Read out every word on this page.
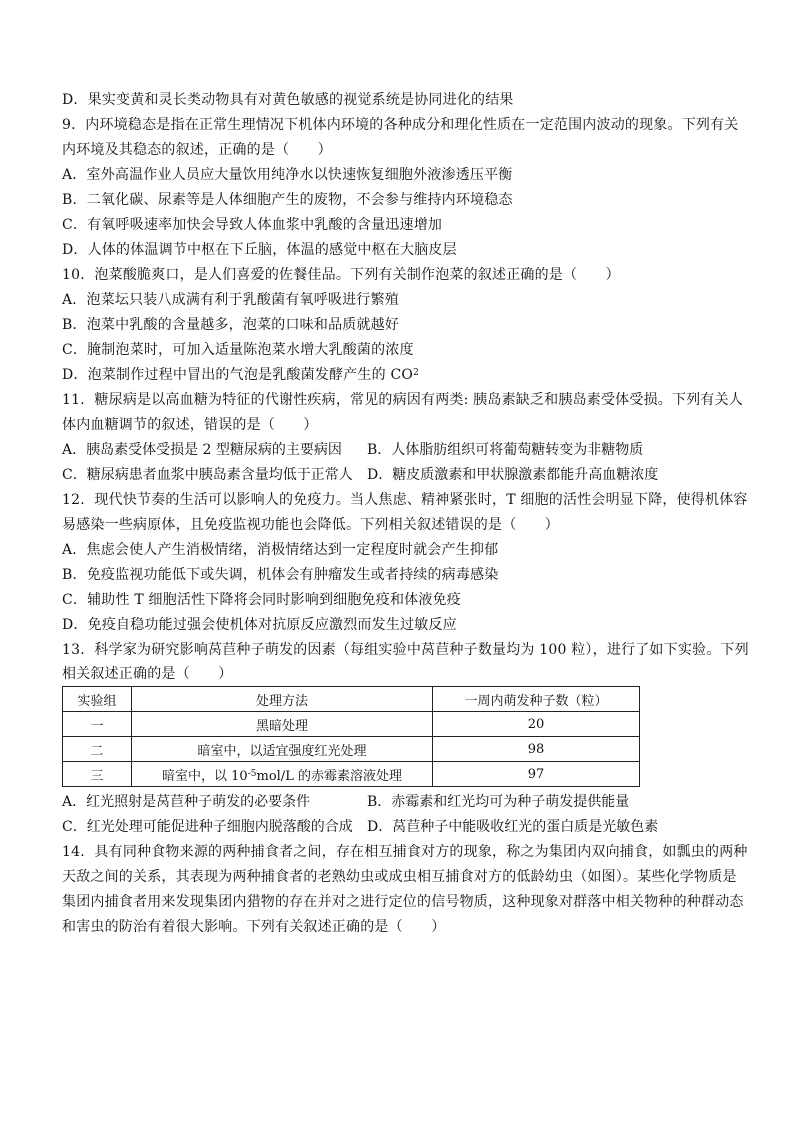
D．果实变黄和灵长类动物具有对黄色敏感的视觉系统是协同进化的结果
9．内环境稳态是指在正常生理情况下机体内环境的各种成分和理化性质在一定范围内波动的现象。下列有关
内环境及其稳态的叙述，正确的是（　　）
A．室外高温作业人员应大量饮用纯净水以快速恢复细胞外液渗透压平衡
B．二氧化碳、尿素等是人体细胞产生的废物，不会参与维持内环境稳态
C．有氧呼吸速率加快会导致人体血浆中乳酸的含量迅速增加
D．人体的体温调节中枢在下丘脑，体温的感觉中枢在大脑皮层
10．泡菜酸脆爽口，是人们喜爱的佐餐佳品。下列有关制作泡菜的叙述正确的是（　　）
A．泡菜坛只装八成满有利于乳酸菌有氧呼吸进行繁殖
B．泡菜中乳酸的含量越多，泡菜的口味和品质就越好
C．腌制泡菜时，可加入适量陈泡菜水增大乳酸菌的浓度
D．泡菜制作过程中冒出的气泡是乳酸菌发酵产生的 $CO^2$
11．糖尿病是以高血糖为特征的代谢性疾病，常见的病因有两类: 胰岛素缺乏和胰岛素受体受损。下列有关人
体内血糖调节的叙述，错误的是（　　）
A．胰岛素受体受损是 2 型糖尿病的主要病因 B．人体脂肪组织可将葡萄糖转变为非糖物质
C．糖尿病患者血浆中胰岛素含量均低于正常人 D．糖皮质激素和甲状腺激素都能升高血糖浓度
12．现代快节奏的生活可以影响人的免疫力。当人焦虑、精神紧张时，T 细胞的活性会明显下降，使得机体容
易感染一些病原体，且免疫监视功能也会降低。下列相关叙述错误的是（　　）
A．焦虑会使人产生消极情绪，消极情绪达到一定程度时就会产生抑郁
B．免疫监视功能低下或失调，机体会有肿瘤发生或者持续的病毒感染
C．辅助性 T 细胞活性下降将会同时影响到细胞免疫和体液免疫
D．免疫自稳功能过强会使机体对抗原反应激烈而发生过敏反应
13．科学家为研究影响莴苣种子萌发的因素（每组实验中莴苣种子数量均为 100 粒），进行了如下实验。下列
相关叙述正确的是（　　）
实验组	处理方法	一周内萌发种子数（粒）
一	黑暗处理	20
二	暗室中，以适宜强度红光处理	98
三	暗室中，以 $10^{-5}mol/L$ 的赤霉素溶液处理	97
A．红光照射是莴苣种子萌发的必要条件	B．赤霉素和红光均可为种子萌发提供能量
C．红光处理可能促进种子细胞内脱落酸的合成 D．莴苣种子中能吸收红光的蛋白质是光敏色素
14．具有同种食物来源的两种捕食者之间，存在相互捕食对方的现象，称之为集团内双向捕食，如瓢虫的两种
天敌之间的关系，其表现为两种捕食者的老熟幼虫或成虫相互捕食对方的低龄幼虫（如图）。某些化学物质是
集团内捕食者用来发现集团内猎物的存在并对之进行定位的信号物质，这种现象对群落中相关物种的种群动态
和害虫的防治有着很大影响。下列有关叙述正确的是（　　）
